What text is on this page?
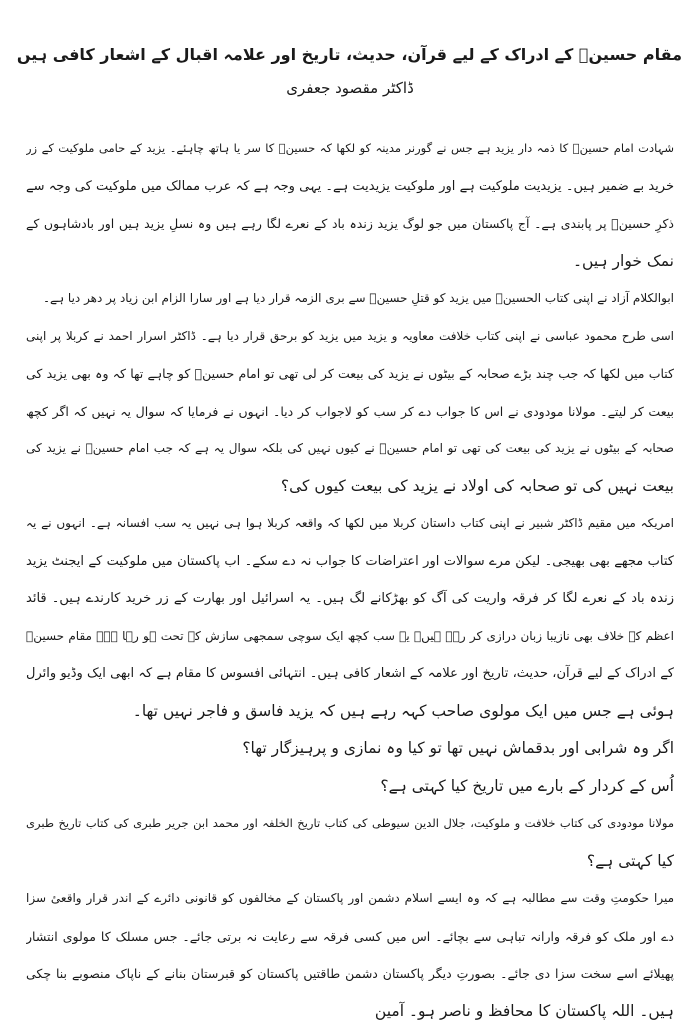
مقام حسینؑ کے ادراک کے لیے قرآن، حدیث، تاریخ اور علامہ اقبال کے اشعار کافی ہیں
ڈاکٹر مقصود جعفری
شہادت امام حسینؑ کا ذمہ دار یزید ہے جس نے گورنر مدینہ کو لکھا کہ حسینؑ کا سر یا ہاتھ چاہئے۔ یزید کے حامی ملوکیت کے زر
خرید بے ضمیر ہیں۔ یزیدیت ملوکیت ہے اور ملوکیت یزیدیت ہے۔ یہی وجہ ہے کہ عرب ممالک میں ملوکیت کی وجہ سے
ذکرِ حسینؑ پر پابندی ہے۔ آج پاکستان میں جو لوگ یزید زندہ باد کے نعرے لگا رہے ہیں وہ نسلِ یزید ہیں اور بادشاہوں کے
نمک خوار ہیں۔
ابوالکلام آزاد نے اپنی کتاب الحسینؑ میں یزید کو قتلِ حسینؑ سے بری الزمہ قرار دیا ہے اور سارا الزام ابن زیاد پر دھر دیا ہے۔
اسی طرح محمود عباسی نے اپنی کتاب خلافت معاویہ و یزید میں یزید کو برحق قرار دیا ہے۔ ڈاکٹر اسرار احمد نے کربلا پر اپنی
کتاب میں لکھا کہ جب چند بڑے صحابہ کے بیٹوں نے یزید کی بیعت کر لی تھی تو امام حسینؑ کو چاہے تھا کہ وہ بھی یزید کی
بیعت کر لیتے۔ مولانا مودودی نے اس کا جواب دے کر سب کو لاجواب کر دیا۔ انہوں نے فرمایا کہ سوال یہ نہیں کہ اگر کچھ
صحابہ کے بیٹوں نے یزید کی بیعت کی تھی تو امام حسینؑ نے کیوں نہیں کی بلکہ سوال یہ ہے کہ جب امام حسینؑ نے یزید کی
بیعت نہیں کی تو صحابہ کی اولاد نے یزید کی بیعت کیوں کی؟
امریکہ میں مقیم ڈاکٹر شبیر نے اپنی کتاب داستان کربلا میں لکھا کہ واقعہ کربلا ہوا ہی نہیں یہ سب افسانہ ہے۔ انہوں نے یہ
کتاب مجھے بھی بھیجی۔ لیکن مرے سوالات اور اعتراضات کا جواب نہ دے سکے۔ اب پاکستان میں ملوکیت کے ایجنٹ یزید
زندہ باد کے نعرے لگا کر فرقہ واریت کی آگ کو بھڑکانے لگ ہیں۔ یہ اسرائیل اور بھارت کے زر خرید کارندے ہیں۔ قائد
اعظم کے خلاف بھی نازیبا زبان درازی کر رہے ہیں۔ یہ سب کچھ ایک سوچی سمجھی سازش کے تحت ہو رہا ہے۔ مقام حسینؑ
کے ادراک کے لیے قرآن، حدیث، تاریخ اور علامہ کے اشعار کافی ہیں۔ انتہائی افسوس کا مقام ہے کہ ابھی ایک وڈیو وائرل
ہوئی ہے جس میں ایک مولوی صاحب کہہ رہے ہیں کہ یزید فاسق و فاجر نہیں تھا۔
اگر وہ شرابی اور بدقماش نہیں تھا تو کیا وہ نمازی و پرہیزگار تھا؟
اُس کے کردار کے بارے میں تاریخ کیا کہتی ہے؟
مولانا مودودی کی کتاب خلافت و ملوکیت، جلال الدین سیوطی کی کتاب تاریخ الخلفہ اور محمد ابن جریر طبری کی کتاب تاریخ طبری
کیا کہتی ہے؟
میرا حکومتِ وقت سے مطالبہ ہے کہ وہ ایسے اسلام دشمن اور پاکستان کے مخالفوں کو قانونی دائرے کے اندر قرار واقعیٔ سزا
دے اور ملک کو فرقہ وارانہ تباہی سے بچائے۔ اس میں کسی فرقہ سے رعایت نہ برتی جائے۔ جس مسلک کا مولوی انتشار
پھیلائے اسے سخت سزا دی جائے۔ بصورتِ دیگر پاکستان دشمن طاقتیں پاکستان کو قبرستان بنانے کے ناپاک منصوبے بنا چکی
ہیں۔ اللہ پاکستان کا محافظ و ناصر ہو۔ آمین
